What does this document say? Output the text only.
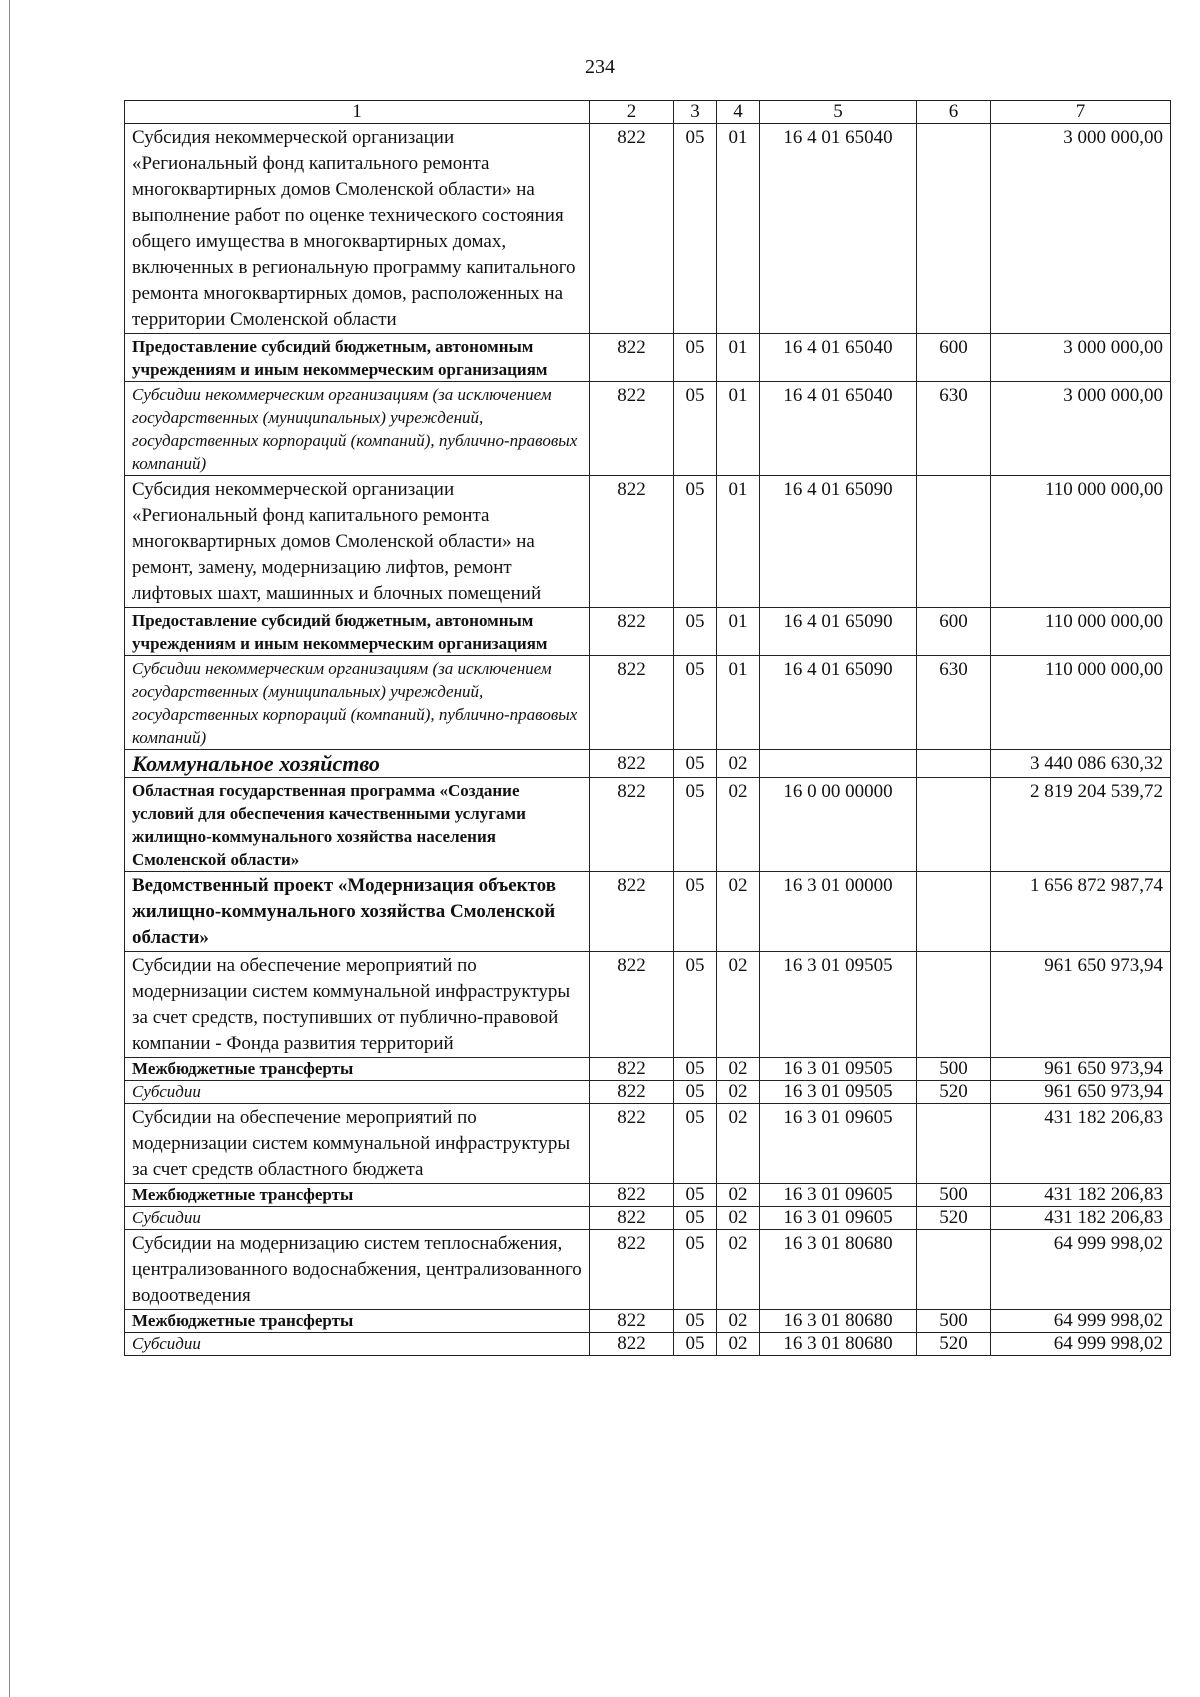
234
1	2	3	4	5	6	7
Субсидия некоммерческой организации «Региональный фонд капитального ремонта многоквартирных домов Смоленской области» на выполнение работ по оценке технического состояния общего имущества в многоквартирных домах, включенных в региональную программу капитального ремонта многоквартирных домов, расположенных на территории Смоленской области	822	05	01	16 4 01 65040		3 000 000,00
Предоставление субсидий бюджетным, автономным учреждениям и иным некоммерческим организациям	822	05	01	16 4 01 65040	600	3 000 000,00
Субсидии некоммерческим организациям (за исключением государственных (муниципальных) учреждений, государственных корпораций (компаний), публично-правовых компаний)	822	05	01	16 4 01 65040	630	3 000 000,00
Субсидия некоммерческой организации «Региональный фонд капитального ремонта многоквартирных домов Смоленской области» на ремонт, замену, модернизацию лифтов, ремонт лифтовых шахт, машинных и блочных помещений	822	05	01	16 4 01 65090		110 000 000,00
Предоставление субсидий бюджетным, автономным учреждениям и иным некоммерческим организациям	822	05	01	16 4 01 65090	600	110 000 000,00
Субсидии некоммерческим организациям (за исключением государственных (муниципальных) учреждений, государственных корпораций (компаний), публично-правовых компаний)	822	05	01	16 4 01 65090	630	110 000 000,00
Коммунальное хозяйство	822	05	02			3 440 086 630,32
Областная государственная программа «Создание условий для обеспечения качественными услугами жилищно-коммунального хозяйства населения Смоленской области»	822	05	02	16 0 00 00000		2 819 204 539,72
Ведомственный проект «Модернизация объектов жилищно-коммунального хозяйства Смоленской области»	822	05	02	16 3 01 00000		1 656 872 987,74
Субсидии на обеспечение мероприятий по модернизации систем коммунальной инфраструктуры за счет средств, поступивших от публично-правовой компании - Фонда развития территорий	822	05	02	16 3 01 09505		961 650 973,94
Межбюджетные трансферты	822	05	02	16 3 01 09505	500	961 650 973,94
Субсидии	822	05	02	16 3 01 09505	520	961 650 973,94
Субсидии на обеспечение мероприятий по модернизации систем коммунальной инфраструктуры за счет средств областного бюджета	822	05	02	16 3 01 09605		431 182 206,83
Межбюджетные трансферты	822	05	02	16 3 01 09605	500	431 182 206,83
Субсидии	822	05	02	16 3 01 09605	520	431 182 206,83
Субсидии на модернизацию систем теплоснабжения, централизованного водоснабжения, централизованного водоотведения	822	05	02	16 3 01 80680		64 999 998,02
Межбюджетные трансферты	822	05	02	16 3 01 80680	500	64 999 998,02
Субсидии	822	05	02	16 3 01 80680	520	64 999 998,02
